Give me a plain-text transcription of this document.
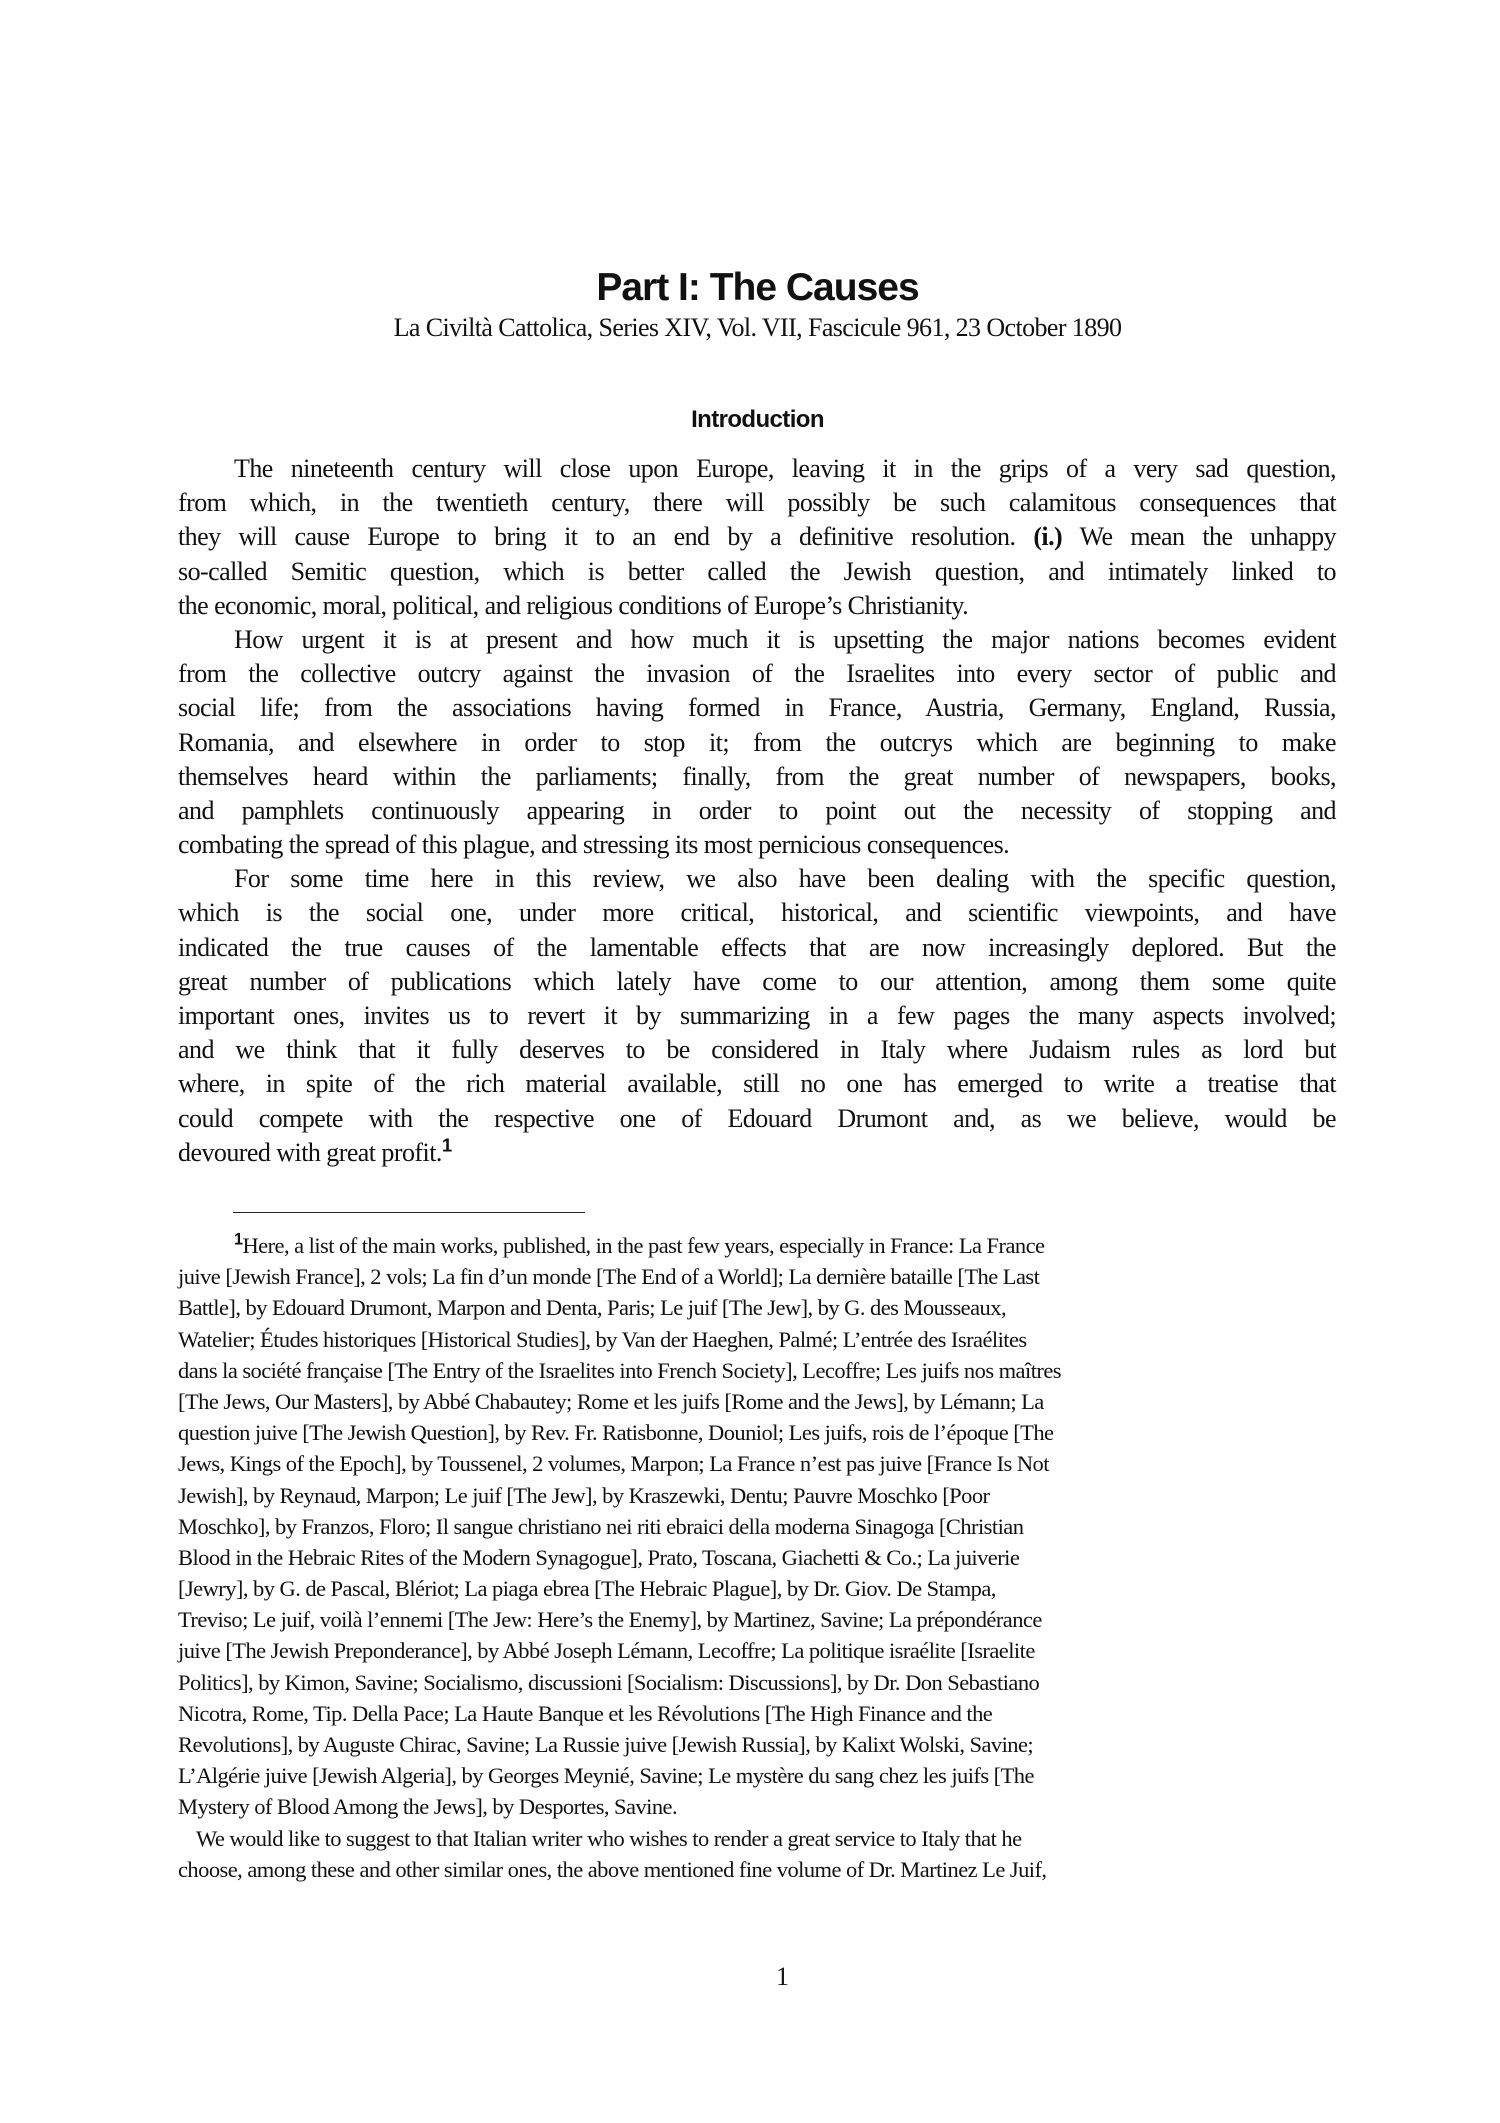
Part I: The Causes
La Civiltà Cattolica, Series XIV, Vol. VII, Fascicule 961, 23 October 1890
Introduction
The nineteenth century will close upon Europe, leaving it in the grips of a very sad question,
from which, in the twentieth century, there will possibly be such calamitous consequences that
they will cause Europe to bring it to an end by a definitive resolution. (i.) We mean the unhappy
so-called Semitic question, which is better called the Jewish question, and intimately linked to
the economic, moral, political, and religious conditions of Europe’s Christianity.
How urgent it is at present and how much it is upsetting the major nations becomes evident
from the collective outcry against the invasion of the Israelites into every sector of public and
social life; from the associations having formed in France, Austria, Germany, England, Russia,
Romania, and elsewhere in order to stop it; from the outcrys which are beginning to make
themselves heard within the parliaments; finally, from the great number of newspapers, books,
and pamphlets continuously appearing in order to point out the necessity of stopping and
combating the spread of this plague, and stressing its most pernicious consequences.
For some time here in this review, we also have been dealing with the specific question,
which is the social one, under more critical, historical, and scientific viewpoints, and have
indicated the true causes of the lamentable effects that are now increasingly deplored. But the
great number of publications which lately have come to our attention, among them some quite
important ones, invites us to revert it by summarizing in a few pages the many aspects involved;
and we think that it fully deserves to be considered in Italy where Judaism rules as lord but
where, in spite of the rich material available, still no one has emerged to write a treatise that
could compete with the respective one of Edouard Drumont and, as we believe, would be
devoured with great profit.$^1$
$^1$Here, a list of the main works, published, in the past few years, especially in France: La France
juive [Jewish France], 2 vols; La fin d’un monde [The End of a World]; La dernière bataille [The Last
Battle], by Edouard Drumont, Marpon and Denta, Paris; Le juif [The Jew], by G. des Mousseaux,
Watelier; Études historiques [Historical Studies], by Van der Haeghen, Palmé; L’entrée des Israélites
dans la société française [The Entry of the Israelites into French Society], Lecoffre; Les juifs nos maîtres
[The Jews, Our Masters], by Abbé Chabautey; Rome et les juifs [Rome and the Jews], by Lémann; La
question juive [The Jewish Question], by Rev. Fr. Ratisbonne, Douniol; Les juifs, rois de l’époque [The
Jews, Kings of the Epoch], by Toussenel, 2 volumes, Marpon; La France n’est pas juive [France Is Not
Jewish], by Reynaud, Marpon; Le juif [The Jew], by Kraszewki, Dentu; Pauvre Moschko [Poor
Moschko], by Franzos, Floro; Il sangue christiano nei riti ebraici della moderna Sinagoga [Christian
Blood in the Hebraic Rites of the Modern Synagogue], Prato, Toscana, Giachetti & Co.; La juiverie
[Jewry], by G. de Pascal, Blériot; La piaga ebrea [The Hebraic Plague], by Dr. Giov. De Stampa,
Treviso; Le juif, voilà l’ennemi [The Jew: Here’s the Enemy], by Martinez, Savine; La prépondérance
juive [The Jewish Preponderance], by Abbé Joseph Lémann, Lecoffre; La politique israélite [Israelite
Politics], by Kimon, Savine; Socialismo, discussioni [Socialism: Discussions], by Dr. Don Sebastiano
Nicotra, Rome, Tip. Della Pace; La Haute Banque et les Révolutions [The High Finance and the
Revolutions], by Auguste Chirac, Savine; La Russie juive [Jewish Russia], by Kalixt Wolski, Savine;
L’Algérie juive [Jewish Algeria], by Georges Meynié, Savine; Le mystère du sang chez les juifs [The
Mystery of Blood Among the Jews], by Desportes, Savine.
We would like to suggest to that Italian writer who wishes to render a great service to Italy that he
choose, among these and other similar ones, the above mentioned fine volume of Dr. Martinez Le Juif,
1
